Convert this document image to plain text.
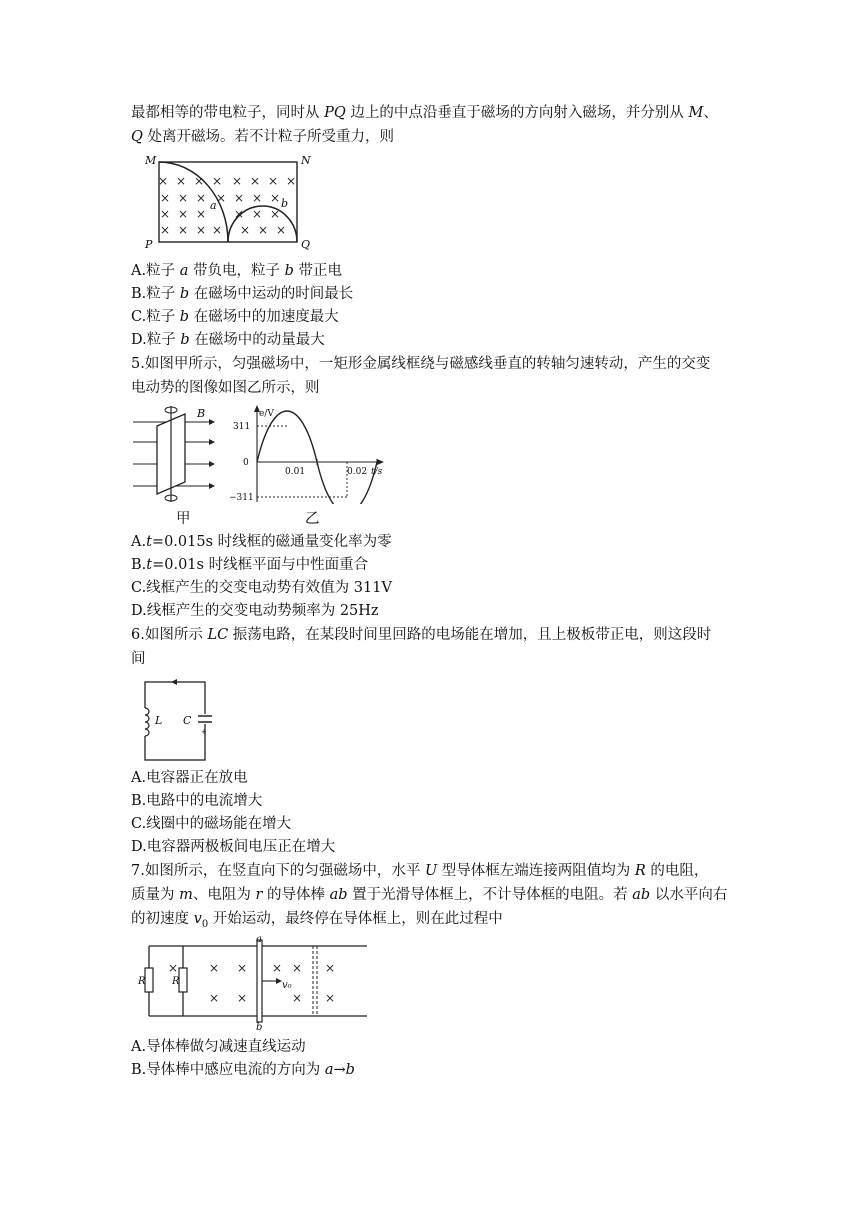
最都相等的带电粒子，同时从 PQ 边上的中点沿垂直于磁场的方向射入磁场，并分别从 M、
Q 处离开磁场。若不计粒子所受重力，则
× × × × × × × ×
× × × × × × ×
× × × × × ×
× × × × × × ×
M	N
P	Q
a	b
A.粒子 a 带负电，粒子 b 带正电
B.粒子 b 在磁场中运动的时间最长
C.粒子 b 在磁场中的加速度最大
D.粒子 b 在磁场中的动量最大
5.如图甲所示，匀强磁场中，一矩形金属线框绕与磁感线垂直的转轴匀速转动，产生的交变
电动势的图像如图乙所示，则
B	e/V
311
0
−311
0.01	0.02 t/s
甲	乙
A.t=0.015s 时线框的磁通量变化率为零
B.t=0.01s 时线框平面与中性面重合
C.线框产生的交变电动势有效值为 311V
D.线框产生的交变电动势频率为 25Hz
6.如图所示 LC 振荡电路，在某段时间里回路的电场能在增加，且上极板带正电，则这段时
间
+
L C
A.电容器正在放电
B.电路中的电流增大
C.线圈中的磁场能在增大
D.电容器两极板间电压正在增大
7.如图所示，在竖直向下的匀强磁场中，水平 U 型导体框左端连接两阻值均为 R 的电阻，
质量为 m、电阻为 r 的导体棒 ab 置于光滑导体框上，不计导体框的电阻。若 ab 以水平向右
的初速度 $v_0$ 开始运动，最终停在导体框上，则在此过程中
×	× × × × ×
× ×	× ×
R	R
a
b
v₀
A.导体棒做匀减速直线运动
B.导体棒中感应电流的方向为 a→b
